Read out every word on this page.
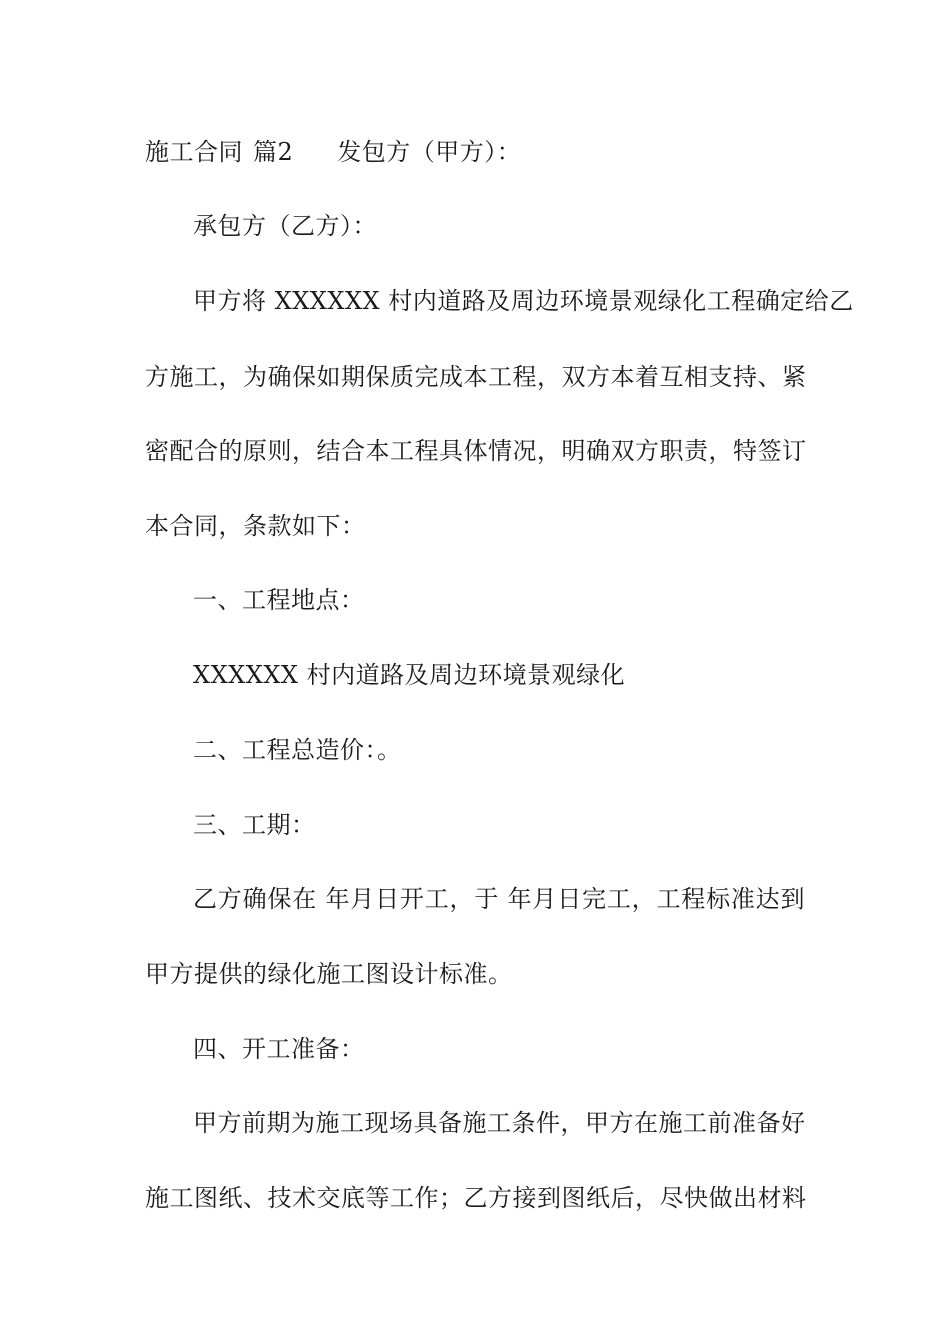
施工合同 篇2 发包方（甲方）：
承包方（乙方）：
甲方将 XXXXXX 村内道路及周边环境景观绿化工程确定给乙
方施工，为确保如期保质完成本工程，双方本着互相支持、紧
密配合的原则，结合本工程具体情况，明确双方职责，特签订
本合同，条款如下：
一、工程地点：
XXXXXX 村内道路及周边环境景观绿化
二、工程总造价：。
三、工期：
乙方确保在 年月日开工，于 年月日完工，工程标准达到
甲方提供的绿化施工图设计标准。
四、开工准备：
甲方前期为施工现场具备施工条件，甲方在施工前准备好
施工图纸、技术交底等工作；乙方接到图纸后，尽快做出材料
